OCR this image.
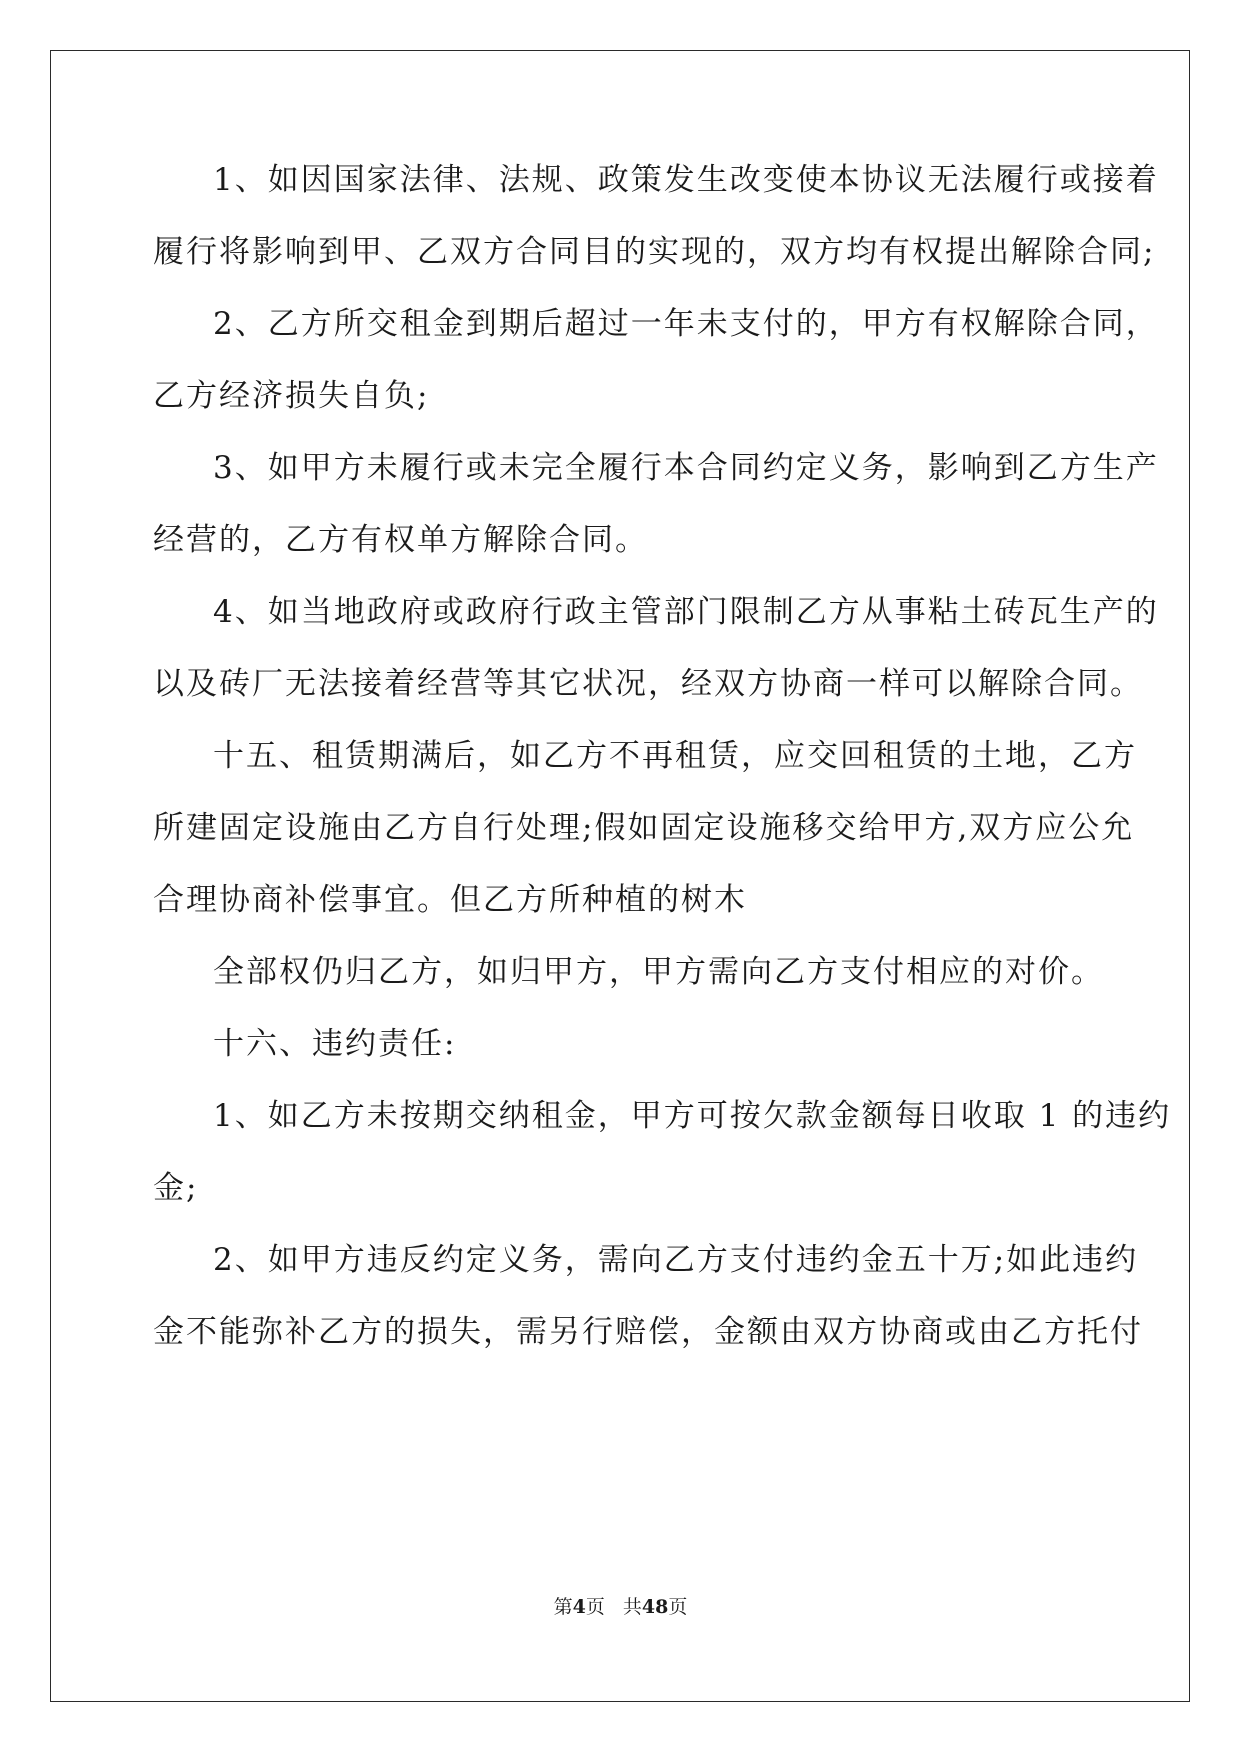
1、如因国家法律、法规、政策发生改变使本协议无法履行或接着
履行将影响到甲、乙双方合同目的实现的，双方均有权提出解除合同;
2、乙方所交租金到期后超过一年未支付的，甲方有权解除合同，
乙方经济损失自负;
3、如甲方未履行或未完全履行本合同约定义务，影响到乙方生产
经营的，乙方有权单方解除合同。
4、如当地政府或政府行政主管部门限制乙方从事粘土砖瓦生产的
以及砖厂无法接着经营等其它状况，经双方协商一样可以解除合同。
十五、租赁期满后，如乙方不再租赁，应交回租赁的土地，乙方
所建固定设施由乙方自行处理;假如固定设施移交给甲方,双方应公允
合理协商补偿事宜。但乙方所种植的树木
全部权仍归乙方，如归甲方，甲方需向乙方支付相应的对价。
十六、违约责任:
1、如乙方未按期交纳租金，甲方可按欠款金额每日收取 1 的违约
金;
2、如甲方违反约定义务，需向乙方支付违约金五十万;如此违约
金不能弥补乙方的损失，需另行赔偿，金额由双方协商或由乙方托付
第4页 共48页
